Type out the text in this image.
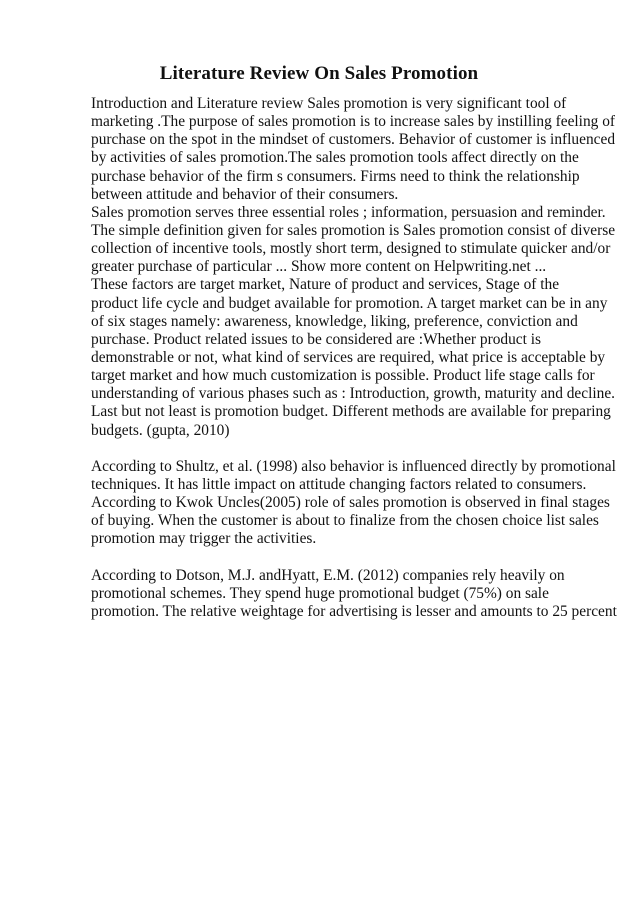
Literature Review On Sales Promotion
Introduction and Literature review Sales promotion is very significant tool of
marketing .The purpose of sales promotion is to increase sales by instilling feeling of
purchase on the spot in the mindset of customers. Behavior of customer is influenced
by activities of sales promotion.The sales promotion tools affect directly on the
purchase behavior of the firm s consumers. Firms need to think the relationship
between attitude and behavior of their consumers.
Sales promotion serves three essential roles ; information, persuasion and reminder.
The simple definition given for sales promotion is Sales promotion consist of diverse
collection of incentive tools, mostly short term, designed to stimulate quicker and/or
greater purchase of particular ... Show more content on Helpwriting.net ...
These factors are target market, Nature of product and services, Stage of the
product life cycle and budget available for promotion. A target market can be in any
of six stages namely: awareness, knowledge, liking, preference, conviction and
purchase. Product related issues to be considered are :Whether product is
demonstrable or not, what kind of services are required, what price is acceptable by
target market and how much customization is possible. Product life stage calls for
understanding of various phases such as : Introduction, growth, maturity and decline.
Last but not least is promotion budget. Different methods are available for preparing
budgets. (gupta, 2010)
According to Shultz, et al. (1998) also behavior is influenced directly by promotional
techniques. It has little impact on attitude changing factors related to consumers.
According to Kwok Uncles(2005) role of sales promotion is observed in final stages
of buying. When the customer is about to finalize from the chosen choice list sales
promotion may trigger the activities.
According to Dotson, M.J. andHyatt, E.M. (2012) companies rely heavily on
promotional schemes. They spend huge promotional budget (75%) on sale
promotion. The relative weightage for advertising is lesser and amounts to 25 percent
